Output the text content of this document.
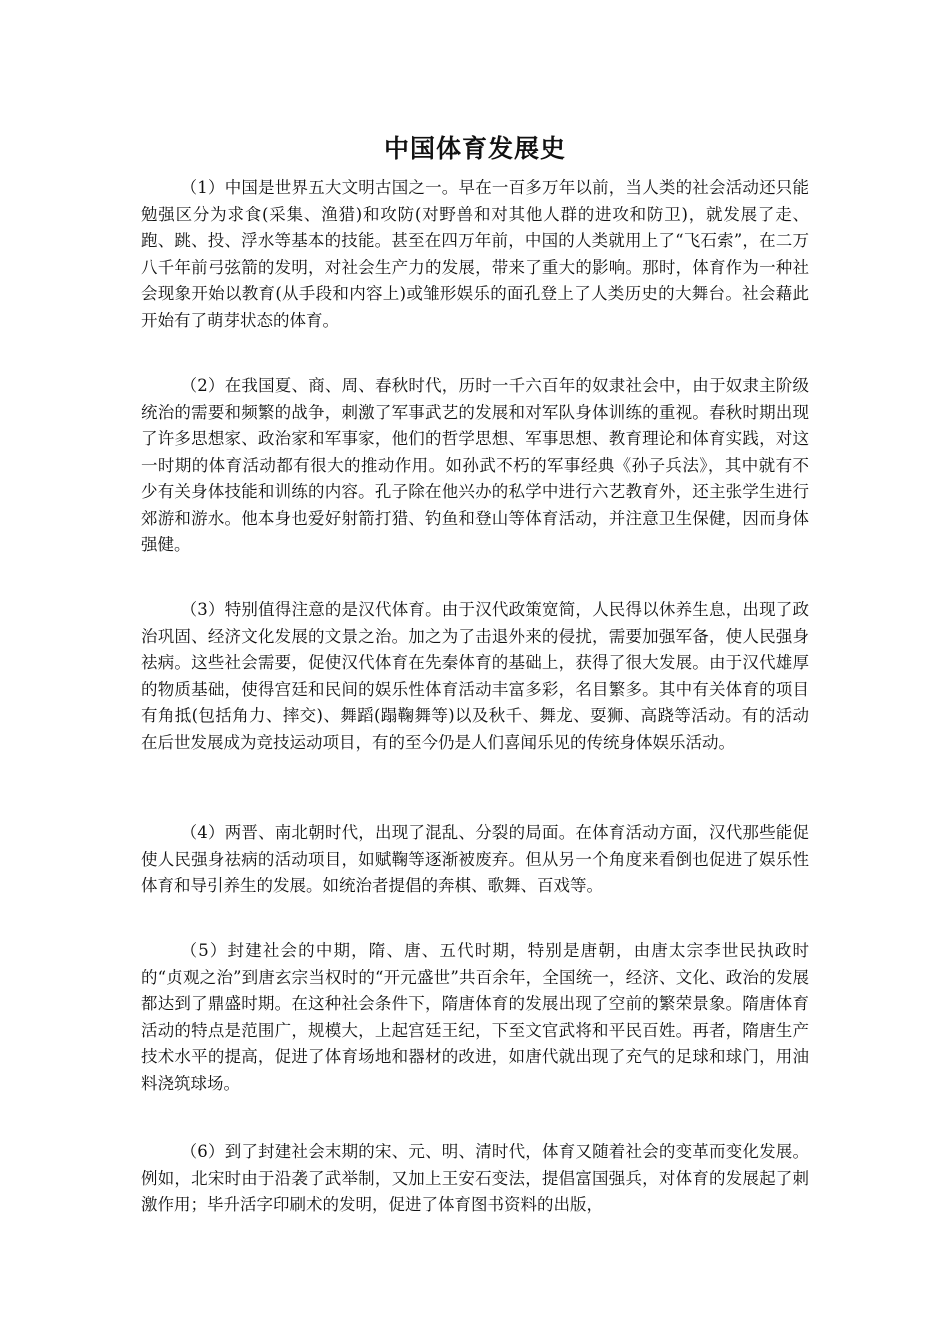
中国体育发展史

（1）中国是世界五大文明古国之一。早在一百多万年以前，当人类的社会活动还只能勉强区分为求食(采集、渔猎)和攻防(对野兽和对其他人群的进攻和防卫)，就发展了走、跑、跳、投、浮水等基本的技能。甚至在四万年前，中国的人类就用上了“飞石索”，在二万八千年前弓弦箭的发明，对社会生产力的发展，带来了重大的影响。那时，体育作为一种社会现象开始以教育(从手段和内容上)或雏形娱乐的面孔登上了人类历史的大舞台。社会藉此开始有了萌芽状态的体育。

（2）在我国夏、商、周、春秋时代，历时一千六百年的奴隶社会中，由于奴隶主阶级统治的需要和频繁的战争，刺激了军事武艺的发展和对军队身体训练的重视。春秋时期出现了许多思想家、政治家和军事家，他们的哲学思想、军事思想、教育理论和体育实践，对这一时期的体育活动都有很大的推动作用。如孙武不朽的军事经典《孙子兵法》，其中就有不少有关身体技能和训练的内容。孔子除在他兴办的私学中进行六艺教育外，还主张学生进行郊游和游水。他本身也爱好射箭打猎、钓鱼和登山等体育活动，并注意卫生保健，因而身体强健。

（3）特别值得注意的是汉代体育。由于汉代政策宽简，人民得以休养生息，出现了政治巩固、经济文化发展的文景之治。加之为了击退外来的侵扰，需要加强军备，使人民强身祛病。这些社会需要，促使汉代体育在先秦体育的基础上，获得了很大发展。由于汉代雄厚的物质基础，使得宫廷和民间的娱乐性体育活动丰富多彩，名目繁多。其中有关体育的项目有角抵(包括角力、摔交)、舞蹈(蹋鞠舞等)以及秋千、舞龙、耍狮、高跷等活动。有的活动在后世发展成为竞技运动项目，有的至今仍是人们喜闻乐见的传统身体娱乐活动。

（4）两晋、南北朝时代，出现了混乱、分裂的局面。在体育活动方面，汉代那些能促使人民强身祛病的活动项目，如赋鞠等逐渐被废弃。但从另一个角度来看倒也促进了娱乐性体育和导引养生的发展。如统治者提倡的奔棋、歌舞、百戏等。

（5）封建社会的中期，隋、唐、五代时期，特别是唐朝，由唐太宗李世民执政时的“贞观之治”到唐玄宗当权时的“开元盛世”共百余年，全国统一，经济、文化、政治的发展都达到了鼎盛时期。在这种社会条件下，隋唐体育的发展出现了空前的繁荣景象。隋唐体育活动的特点是范围广，规模大，上起宫廷王纪，下至文官武将和平民百姓。再者，隋唐生产技术水平的提高，促进了体育场地和器材的改进，如唐代就出现了充气的足球和球门，用油料浇筑球场。

（6）到了封建社会末期的宋、元、明、清时代，体育又随着社会的变革而变化发展。例如，北宋时由于沿袭了武举制，又加上王安石变法，提倡富国强兵，对体育的发展起了刺激作用；毕升活字印刷术的发明，促进了体育图书资料的出版，
